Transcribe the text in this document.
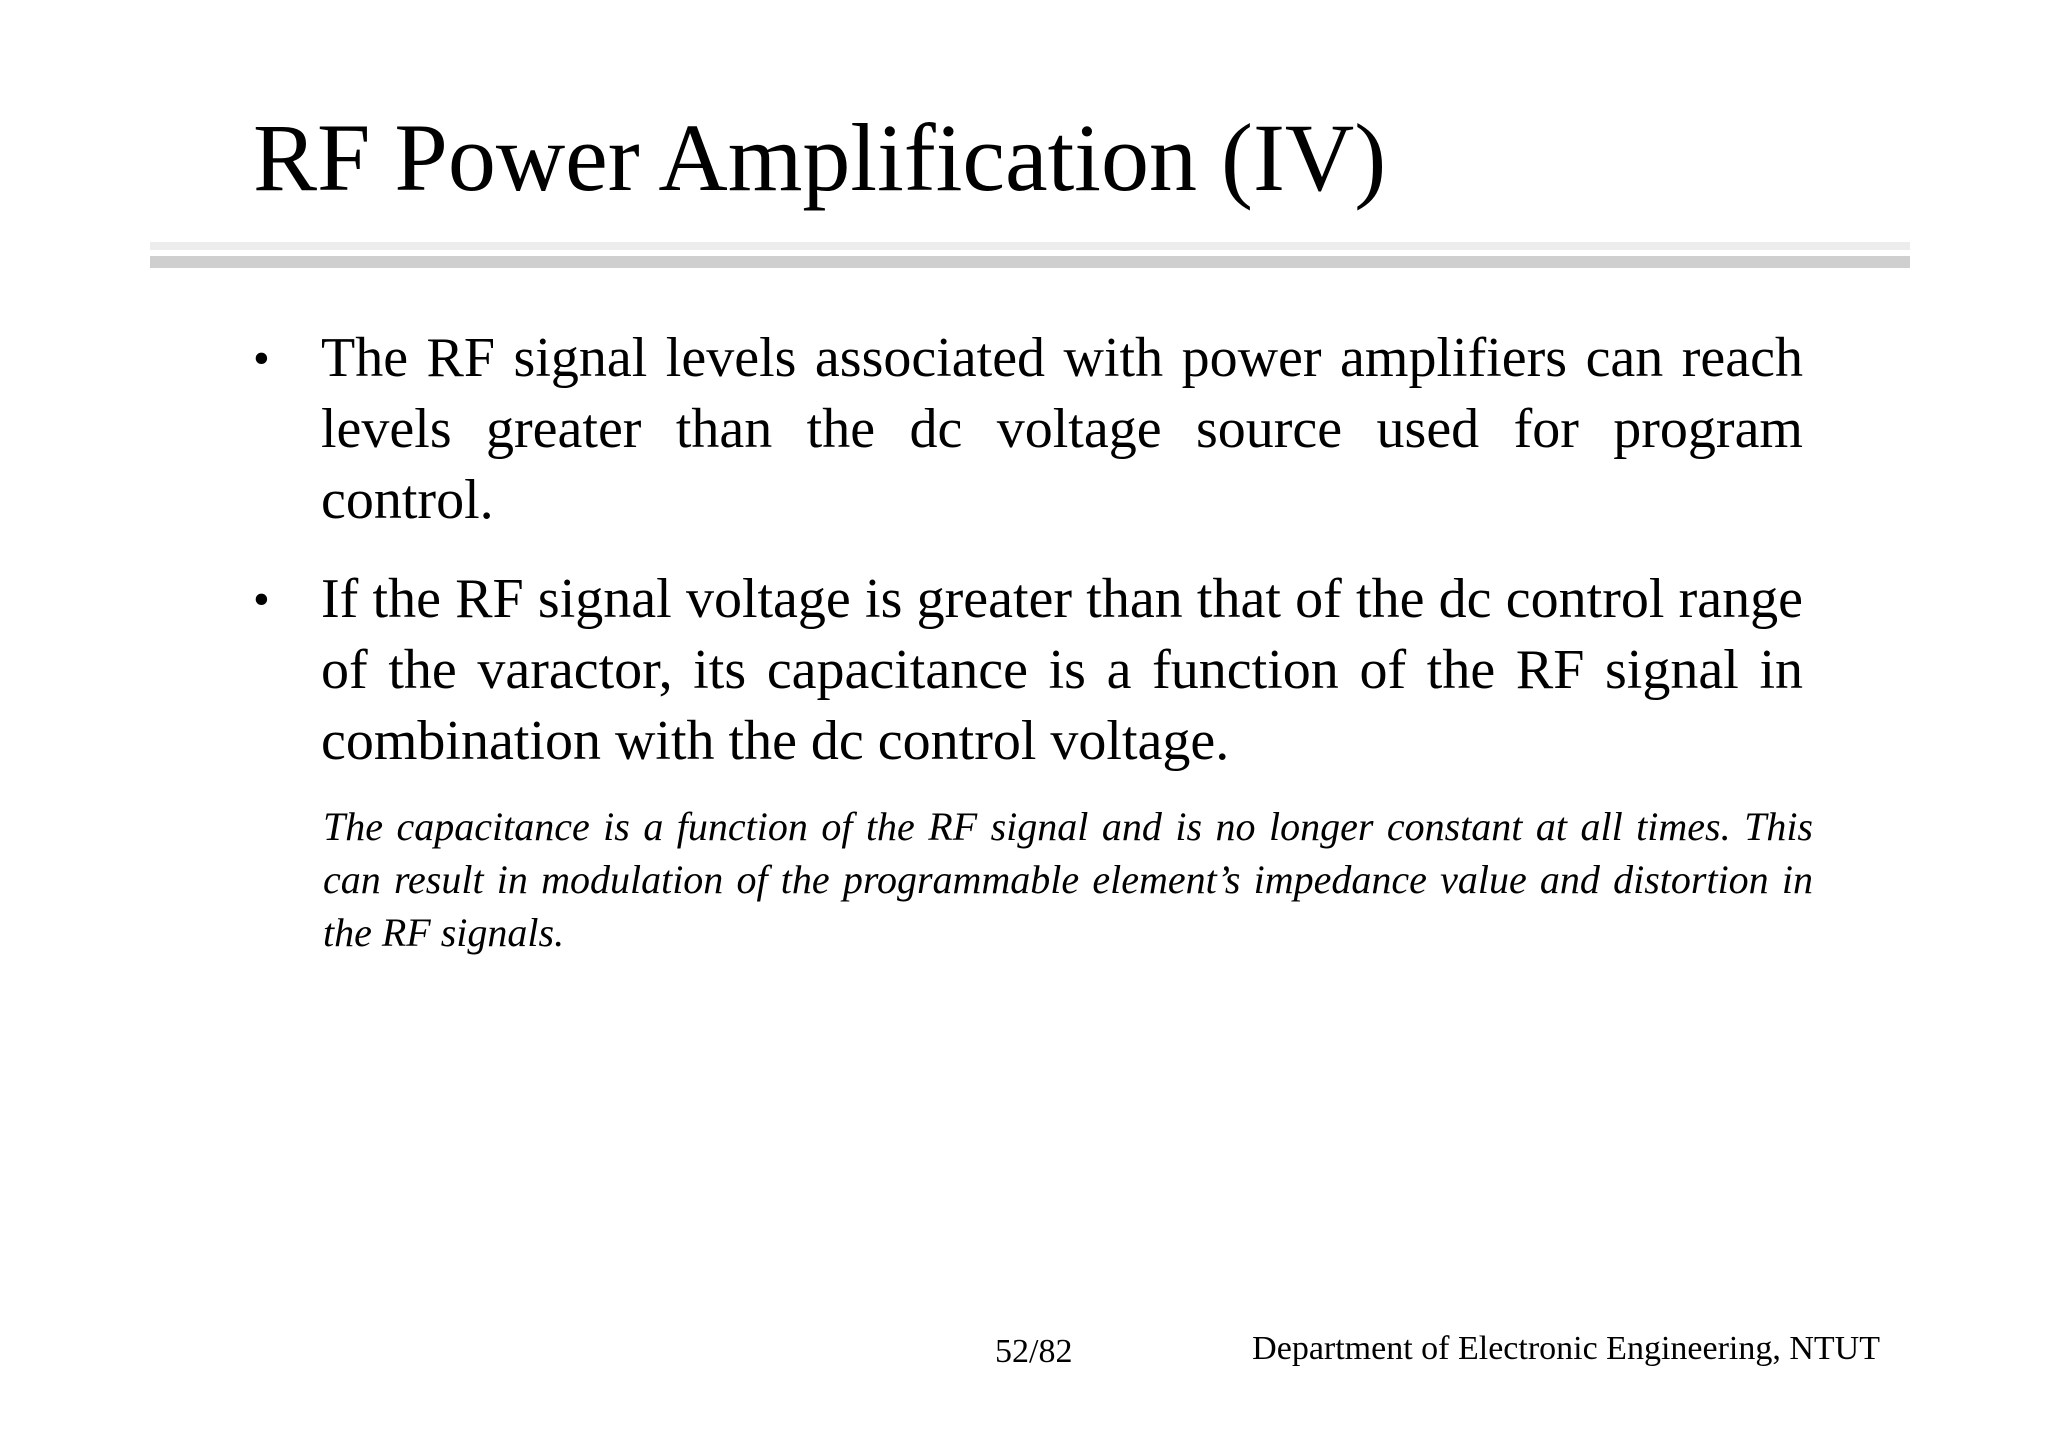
RF Power Amplification (IV)
• The RF signal levels associated with power amplifiers can reach levels greater than the dc voltage source used for program control.
• If the RF signal voltage is greater than that of the dc control range of the varactor, its capacitance is a function of the RF signal in combination with the dc control voltage.
The capacitance is a function of the RF signal and is no longer constant at all times. This can result in modulation of the programmable element’s impedance value and distortion in the RF signals.
52/82	Department of Electronic Engineering, NTUT
